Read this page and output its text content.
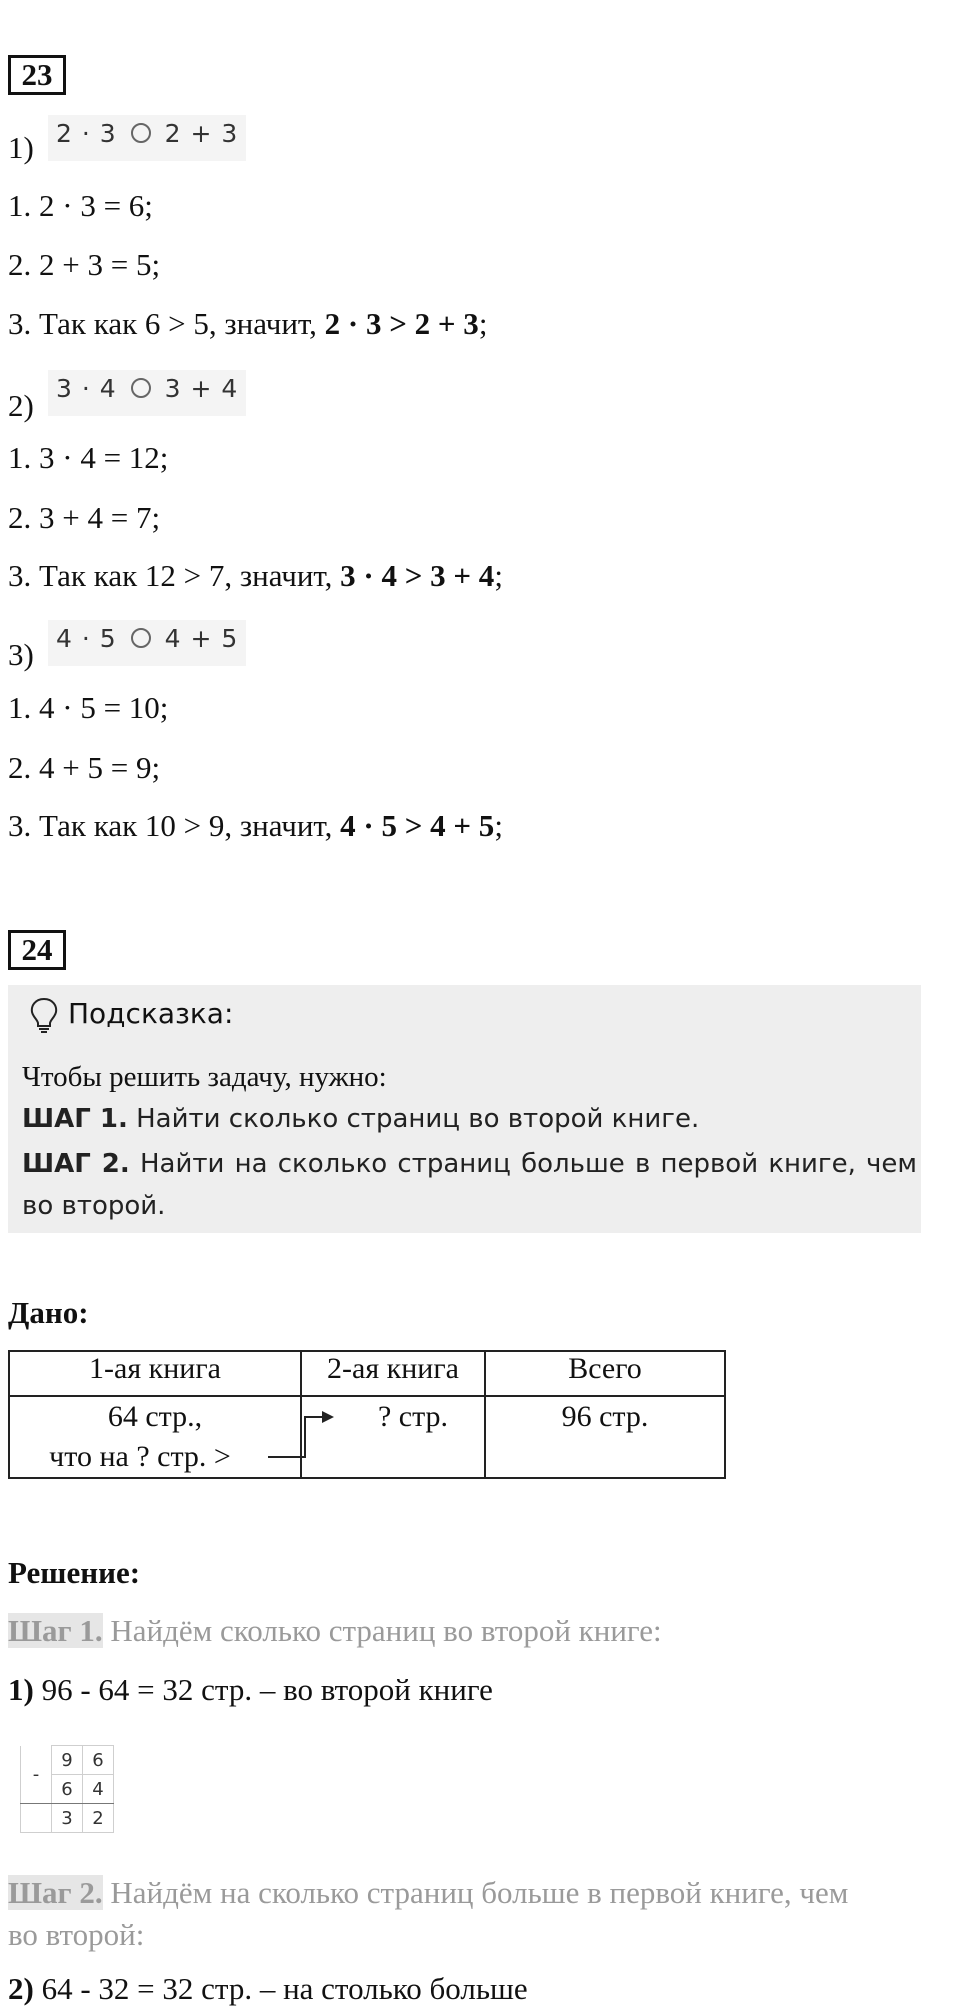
23
1) 2 · 3 2 + 3
1. 2 · 3 = 6;
2. 2 + 3 = 5;
3. Так как 6 > 5, значит, 2 · 3 > 2 + 3;
2) 3 · 4 3 + 4
1. 3 · 4 = 12;
2. 3 + 4 = 7;
3. Так как 12 > 7, значит, 3 · 4 > 3 + 4;
3) 4 · 5 4 + 5
1. 4 · 5 = 10;
2. 4 + 5 = 9;
3. Так как 10 > 9, значит, 4 · 5 > 4 + 5;
24
Подсказка:

Чтобы решить задачу, нужно:

ШАГ 1. Найти сколько страниц во второй книге.

ШАГ 2. Найти на сколько страниц больше в первой книге, чем во второй.

Дано:
1-ая книга	2-ая книга	Всего

64 стр.,
что на ? стр. >	? стр.	96 стр.
Решение:
Шаг 1. Найдём сколько страниц во второй книге:
1) 96 - 64 = 32 стр. – во второй книге
-	9	6
	6	4
	3	2
Шаг 2. Найдём на сколько страниц больше в первой книге, чем
во второй:
2) 64 - 32 = 32 стр. – на столько больше
